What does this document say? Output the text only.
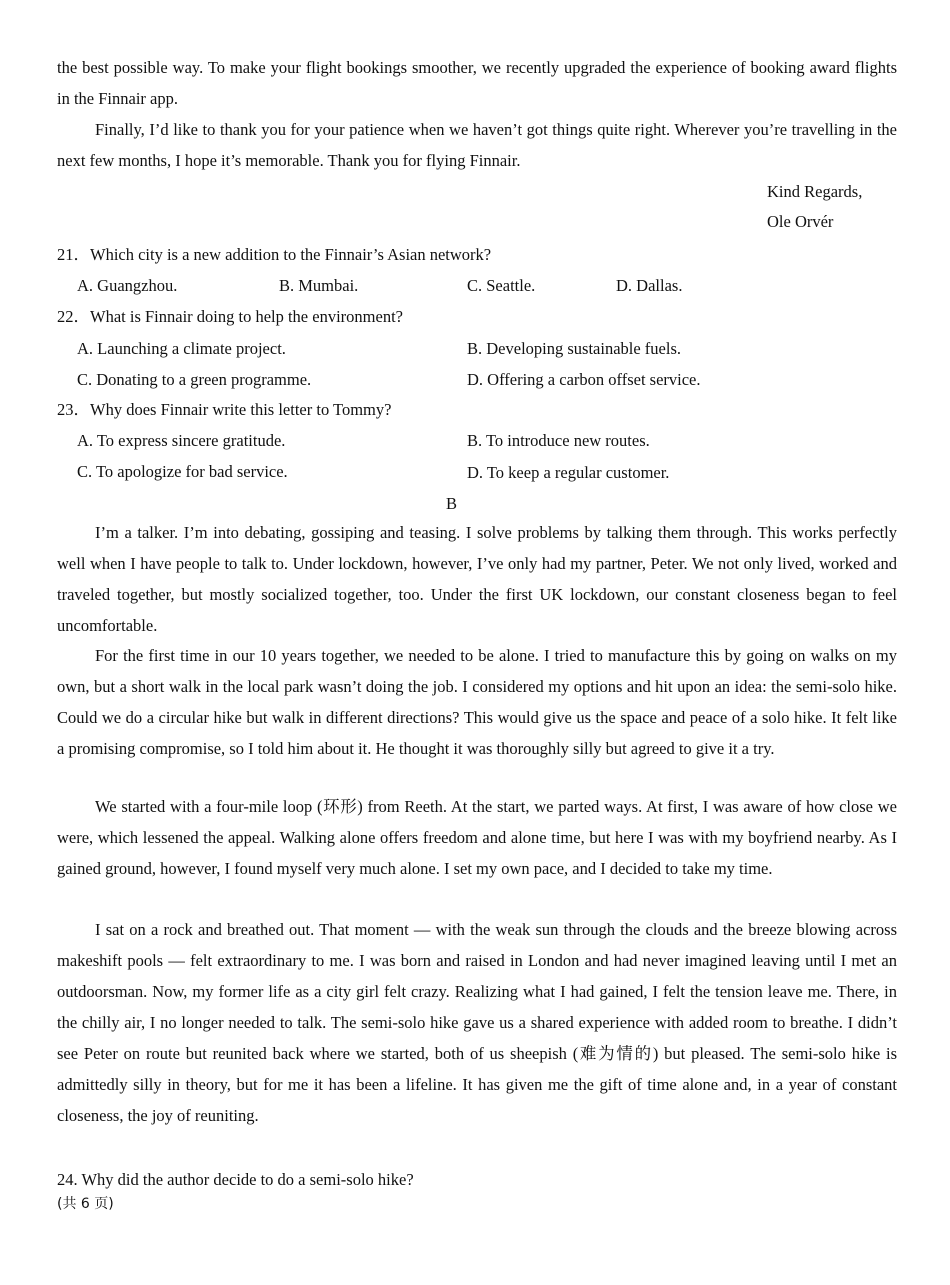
the best possible way. To make your flight bookings smoother, we recently upgraded the experience of booking award flights in the Finnair app.

Finally, I’d like to thank you for your patience when we haven’t got things quite right. Wherever you’re travelling in the next few months, I hope it’s memorable. Thank you for flying Finnair.

Kind Regards,
Ole Orvér
21．Which city is a new addition to the Finnair’s Asian network?
A. Guangzhou.	B. Mumbai.	C. Seattle.	D. Dallas.
22．What is Finnair doing to help the environment?
A. Launching a climate project.	B. Developing sustainable fuels.
C. Donating to a green programme.	D. Offering a carbon offset service.
23．Why does Finnair write this letter to Tommy?
A. To express sincere gratitude.	B. To introduce new routes.
C. To apologize for bad service.	D. To keep a regular customer.
B

I’m a talker. I’m into debating, gossiping and teasing. I solve problems by talking them through. This works perfectly well when I have people to talk to. Under lockdown, however, I’ve only had my partner, Peter. We not only lived, worked and traveled together, but mostly socialized together, too. Under the first UK lockdown, our constant closeness began to feel uncomfortable.

For the first time in our 10 years together, we needed to be alone. I tried to manufacture this by going on walks on my own, but a short walk in the local park wasn’t doing the job. I considered my options and hit upon an idea: the semi-solo hike. Could we do a circular hike but walk in different directions? This would give us the space and peace of a solo hike. It felt like a promising compromise, so I told him about it. He thought it was thoroughly silly but agreed to give it a try.

We started with a four-mile loop (环形) from Reeth. At the start, we parted ways. At first, I was aware of how close we were, which lessened the appeal. Walking alone offers freedom and alone time, but here I was with my boyfriend nearby. As I gained ground, however, I found myself very much alone. I set my own pace, and I decided to take my time.

I sat on a rock and breathed out. That moment — with the weak sun through the clouds and the breeze blowing across makeshift pools — felt extraordinary to me. I was born and raised in London and had never imagined leaving until I met an outdoorsman. Now, my former life as a city girl felt crazy. Realizing what I had gained, I felt the tension leave me. There, in the chilly air, I no longer needed to talk. The semi-solo hike gave us a shared experience with added room to breathe. I didn’t see Peter on route but reunited back where we started, both of us sheepish (难为情的) but pleased. The semi-solo hike is admittedly silly in theory, but for me it has been a lifeline. It has given me the gift of time alone and, in a year of constant closeness, the joy of reuniting.

24. Why did the author decide to do a semi-solo hike?
(共 6 页)
